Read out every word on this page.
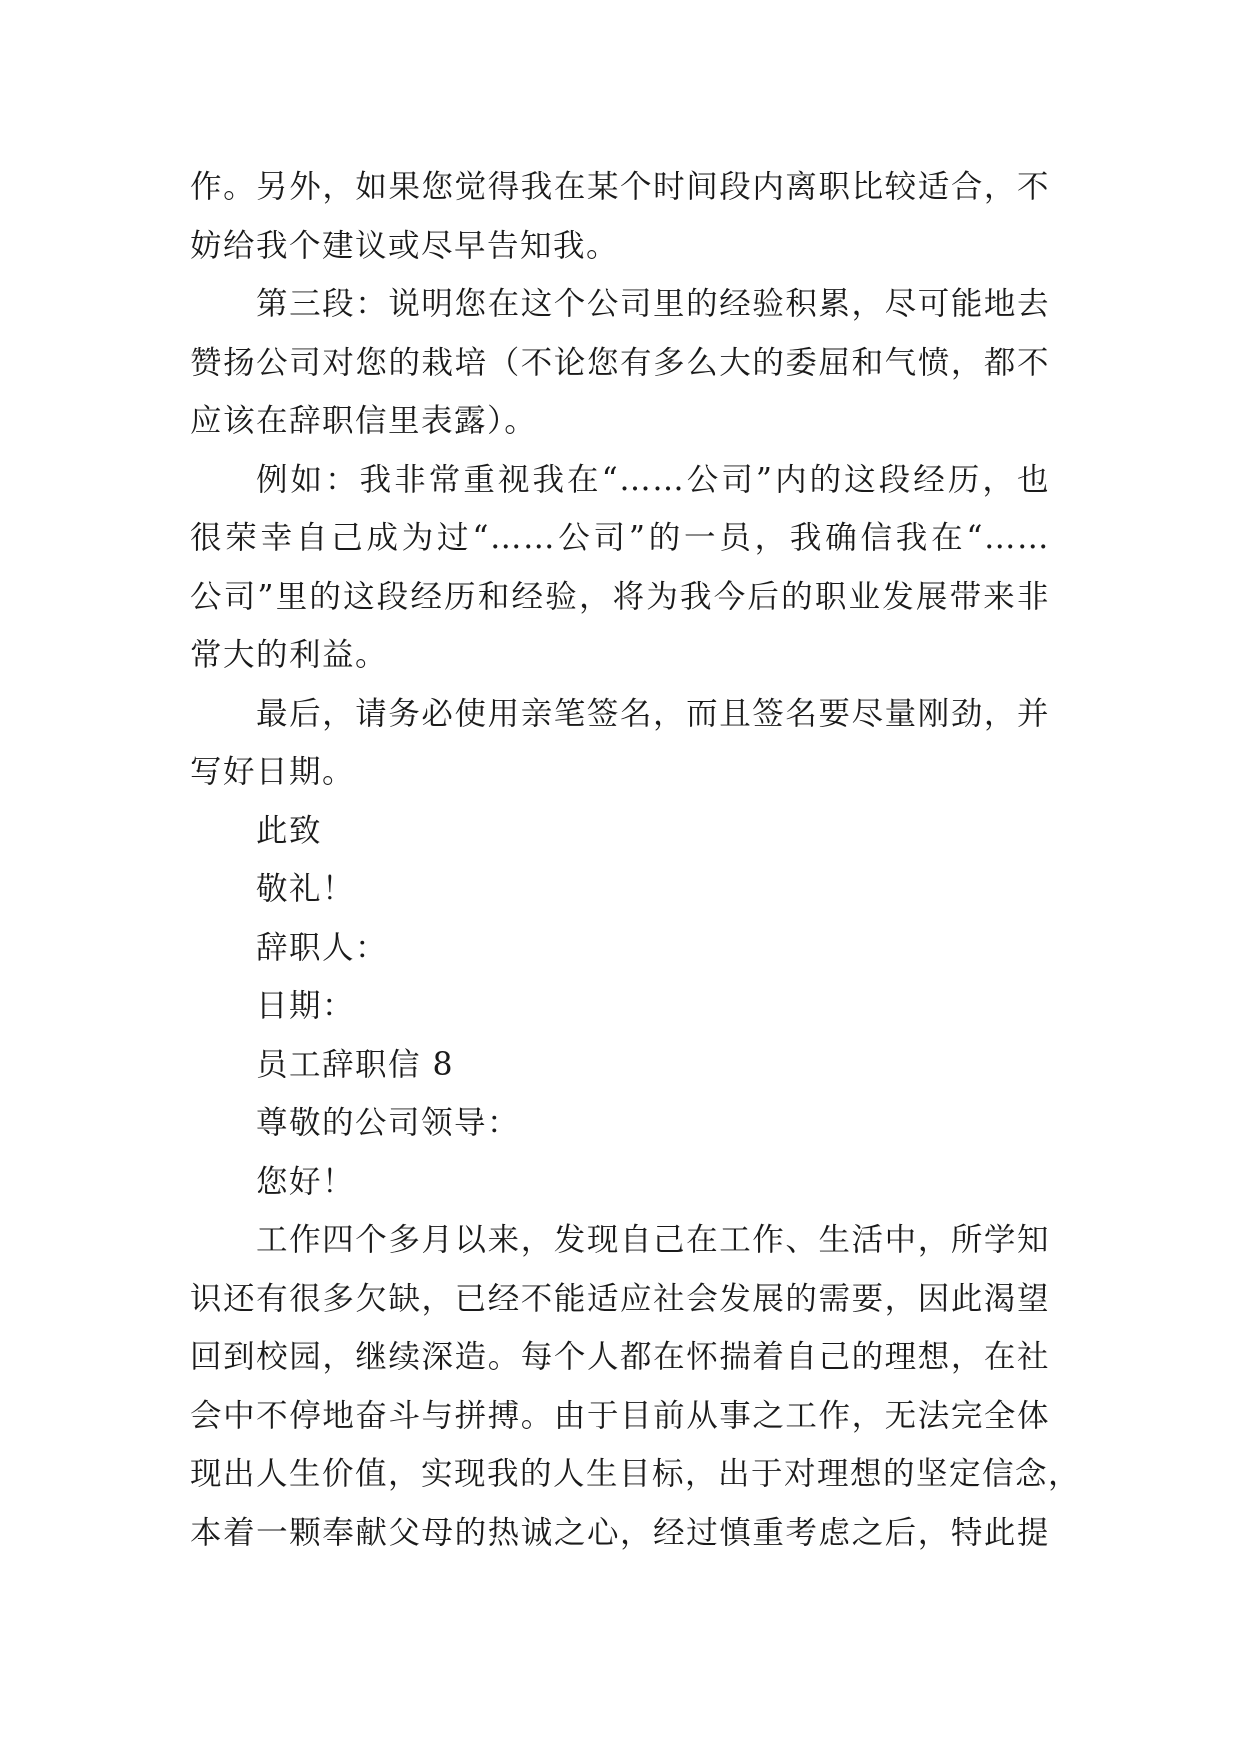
作。另外，如果您觉得我在某个时间段内离职比较适合，不
妨给我个建议或尽早告知我。
第三段：说明您在这个公司里的经验积累，尽可能地去
赞扬公司对您的栽培（不论您有多么大的委屈和气愤，都不
应该在辞职信里表露）。
例如：我非常重视我在“……公司”内的这段经历，也
很荣幸自己成为过“……公司”的一员，我确信我在“……
公司”里的这段经历和经验，将为我今后的职业发展带来非
常大的利益。
最后，请务必使用亲笔签名，而且签名要尽量刚劲，并
写好日期。
此致
敬礼！
辞职人：
日期：
员工辞职信 8
尊敬的公司领导：
您好！
工作四个多月以来，发现自己在工作、生活中，所学知
识还有很多欠缺，已经不能适应社会发展的需要，因此渴望
回到校园，继续深造。每个人都在怀揣着自己的理想，在社
会中不停地奋斗与拼搏。由于目前从事之工作，无法完全体
现出人生价值，实现我的人生目标，出于对理想的坚定信念，
本着一颗奉献父母的热诚之心，经过慎重考虑之后，特此提
